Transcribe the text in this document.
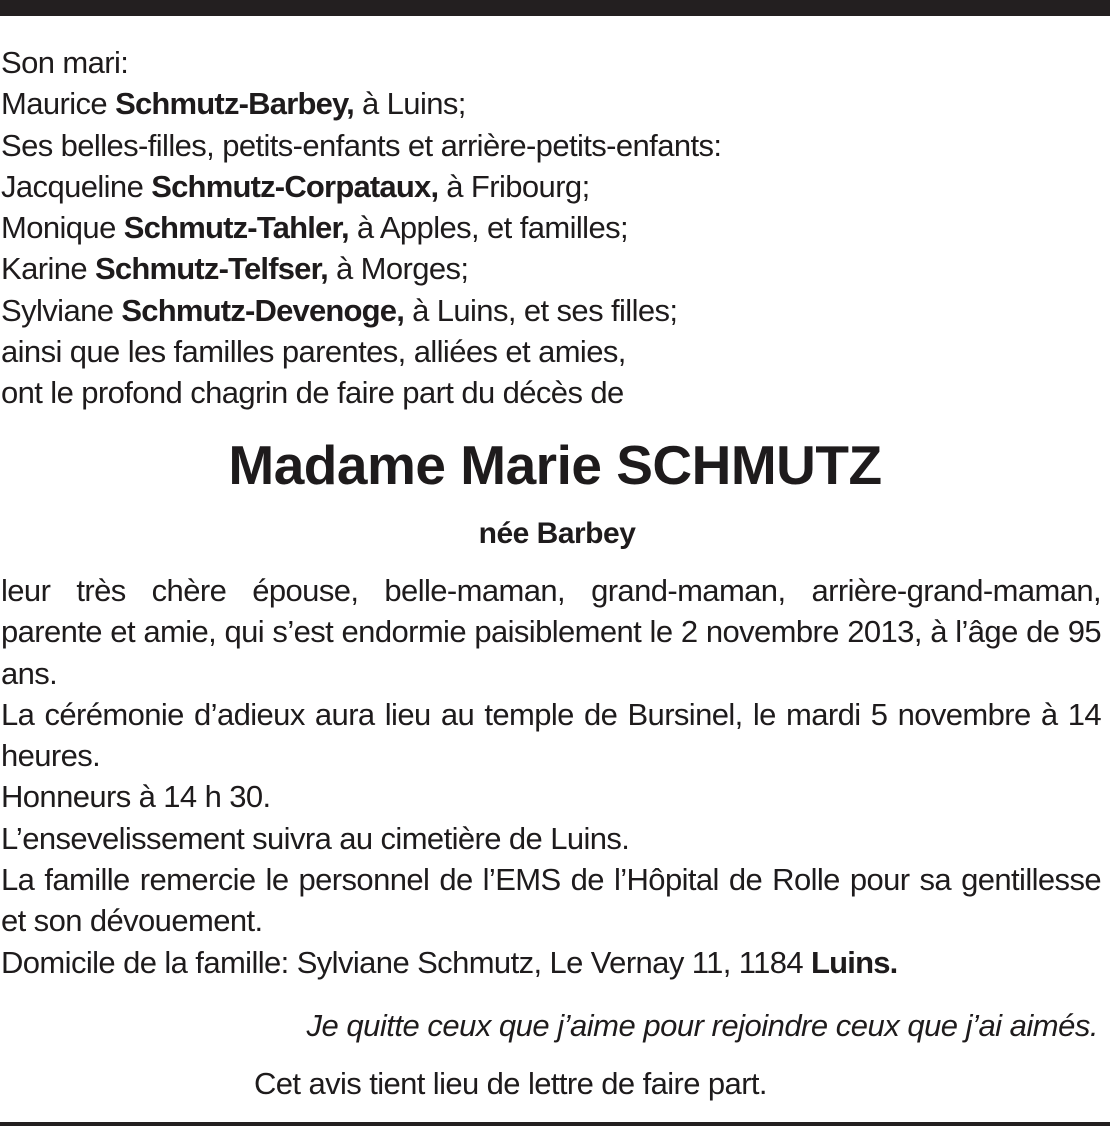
Son mari:
Maurice Schmutz-Barbey, à Luins;
Ses belles-filles, petits-enfants et arrière-petits-enfants:
Jacqueline Schmutz-Corpataux, à Fribourg;
Monique Schmutz-Tahler, à Apples, et familles;
Karine Schmutz-Telfser, à Morges;
Sylviane Schmutz-Devenoge, à Luins, et ses filles;
ainsi que les familles parentes, alliées et amies,
ont le profond chagrin de faire part du décès de
Madame Marie SCHMUTZ
née Barbey

leur très chère épouse, belle-maman, grand-maman, arrière-grand-maman, parente et amie, qui s’est endormie paisiblement le 2 novembre 2013, à l’âge de 95 ans.

La cérémonie d’adieux aura lieu au temple de Bursinel, le mardi 5 novembre à 14 heures.

Honneurs à 14 h 30.

L’ensevelissement suivra au cimetière de Luins.

La famille remercie le personnel de l’EMS de l’Hôpital de Rolle pour sa gentillesse et son dévouement.

Domicile de la famille: Sylviane Schmutz, Le Vernay 11, 1184 Luins.

Je quitte ceux que j’aime pour rejoindre ceux que j’ai aimés.
Cet avis tient lieu de lettre de faire part.
